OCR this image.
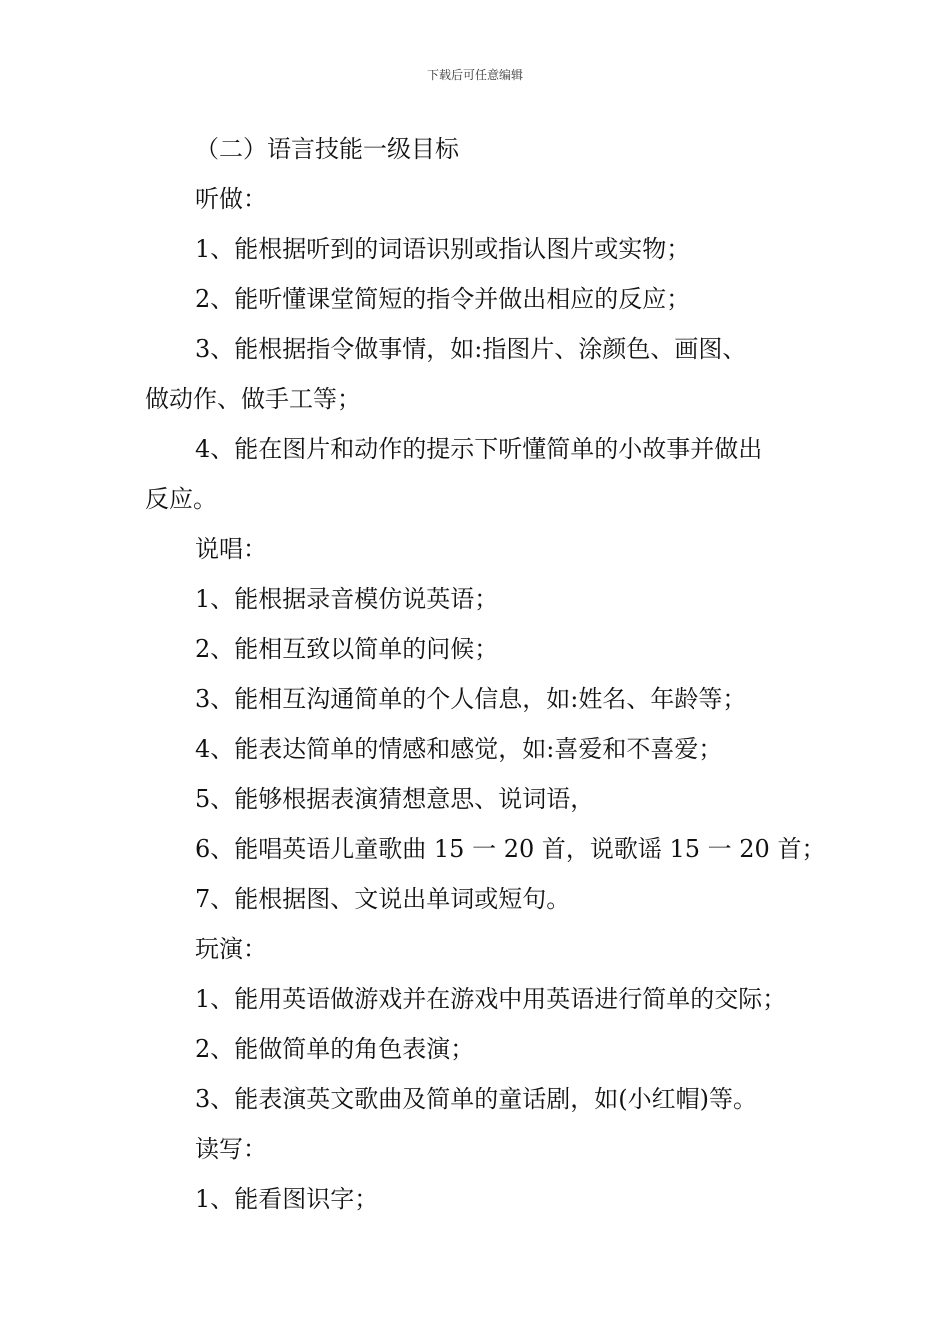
下载后可任意编辑
（二）语言技能一级目标
听做：
1、能根据听到的词语识别或指认图片或实物；
2、能听懂课堂简短的指令并做出相应的反应；
3、能根据指令做事情，如:指图片、涂颜色、画图、
做动作、做手工等；
4、能在图片和动作的提示下听懂简单的小故事并做出
反应。
说唱：
1、能根据录音模仿说英语；
2、能相互致以简单的问候；
3、能相互沟通简单的个人信息，如:姓名、年龄等；
4、能表达简单的情感和感觉，如:喜爱和不喜爱；
5、能够根据表演猜想意思、说词语，
6、能唱英语儿童歌曲 15 一 20 首，说歌谣 15 一 20 首；
7、能根据图、文说出单词或短句。
玩演：
1、能用英语做游戏并在游戏中用英语进行简单的交际；
2、能做简单的角色表演；
3、能表演英文歌曲及简单的童话剧，如(小红帽)等。
读写：
1、能看图识字；
